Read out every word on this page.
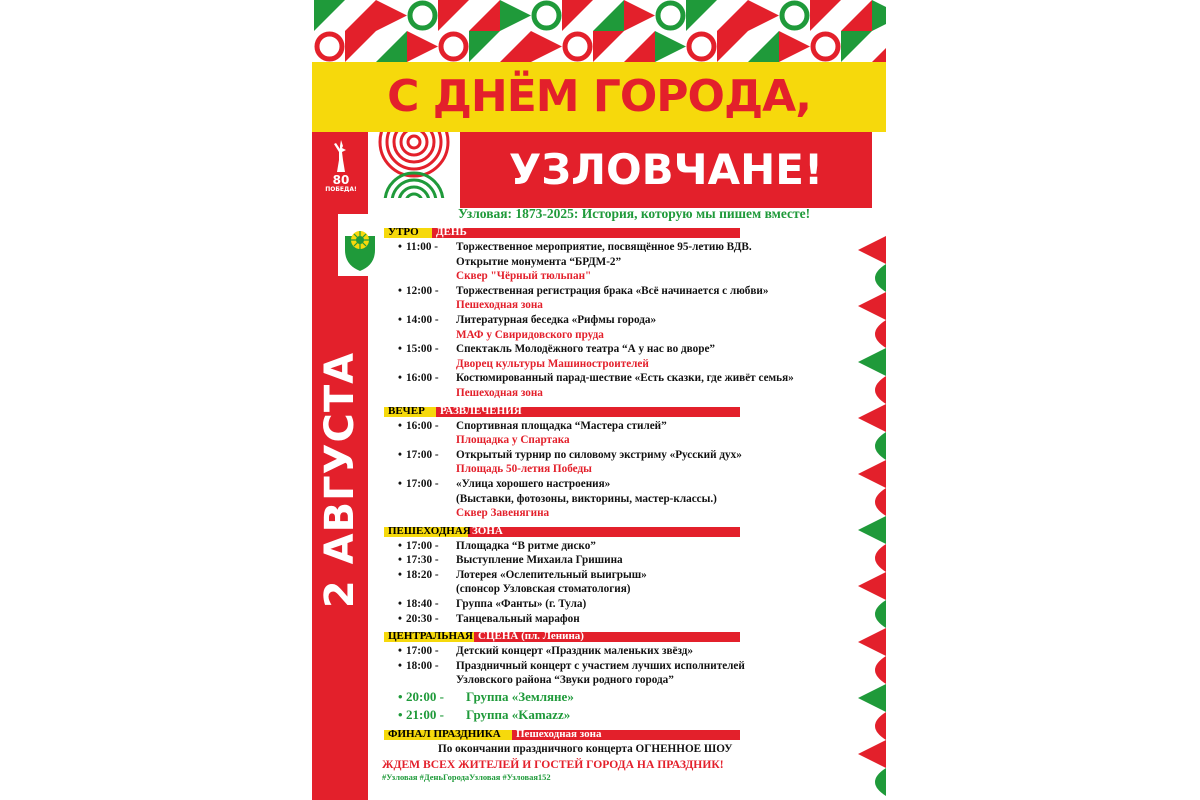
С ДНЁМ ГОРОДА,
80
ПОБЕДА!
2 АВГУСТА
УЗЛОВЧАНЕ!
Узловая: 1873-2025: История, которую мы пишем вместе!
УТРО ДЕНЬ
• 11:00 - Торжественное мероприятие, посвящённое 95-летию ВДВ.
Открытие монумента “БРДМ-2”
Сквер "Чёрный тюльпан"
• 12:00 - Торжественная регистрация брака «Всё начинается с любви»
Пешеходная зона
• 14:00 - Литературная беседка «Рифмы города»
МАФ у Свиридовского пруда
• 15:00 - Спектакль Молодёжного театра “А у нас во дворе”
Дворец культуры Машиностроителей
• 16:00 - Костюмированный парад-шествие «Есть сказки, где живёт семья»
Пешеходная зона
ВЕЧЕР РАЗВЛЕЧЕНИЯ
• 16:00 - Спортивная площадка “Мастера стилей”
Площадка у Спартака
• 17:00 - Открытый турнир по силовому экстриму «Русский дух»
Площадь 50-летия Победы
• 17:00 - «Улица хорошего настроения»
(Выставки, фотозоны, викторины, мастер-классы.)
Сквер Завенягина
ПЕШЕХОДНАЯ ЗОНА
• 17:00 - Площадка “В ритме диско”
• 17:30 - Выступление Михаила Гришина
• 18:20 - Лотерея «Ослепительный выигрыш»
(спонсор Узловская стоматология)
• 18:40 - Группа «Фанты» (г. Тула)
• 20:30 - Танцевальный марафон
ЦЕНТРАЛЬНАЯ СЦЕНА (пл. Ленина)
• 17:00 - Детский концерт «Праздник маленьких звёзд»
• 18:00 - Праздничный концерт с участием лучших исполнителей
Узловского района “Звуки родного города”
• 20:00 - Группа «Земляне»
• 21:00 - Группа «Kamazz»
ФИНАЛ ПРАЗДНИКА Пешеходная зона
По окончании праздничного концерта ОГНЕННОЕ ШОУ
ЖДЕМ ВСЕХ ЖИТЕЛЕЙ И ГОСТЕЙ ГОРОДА НА ПРАЗДНИК!
#Узловая #ДеньГородаУзловая #Узловая152
